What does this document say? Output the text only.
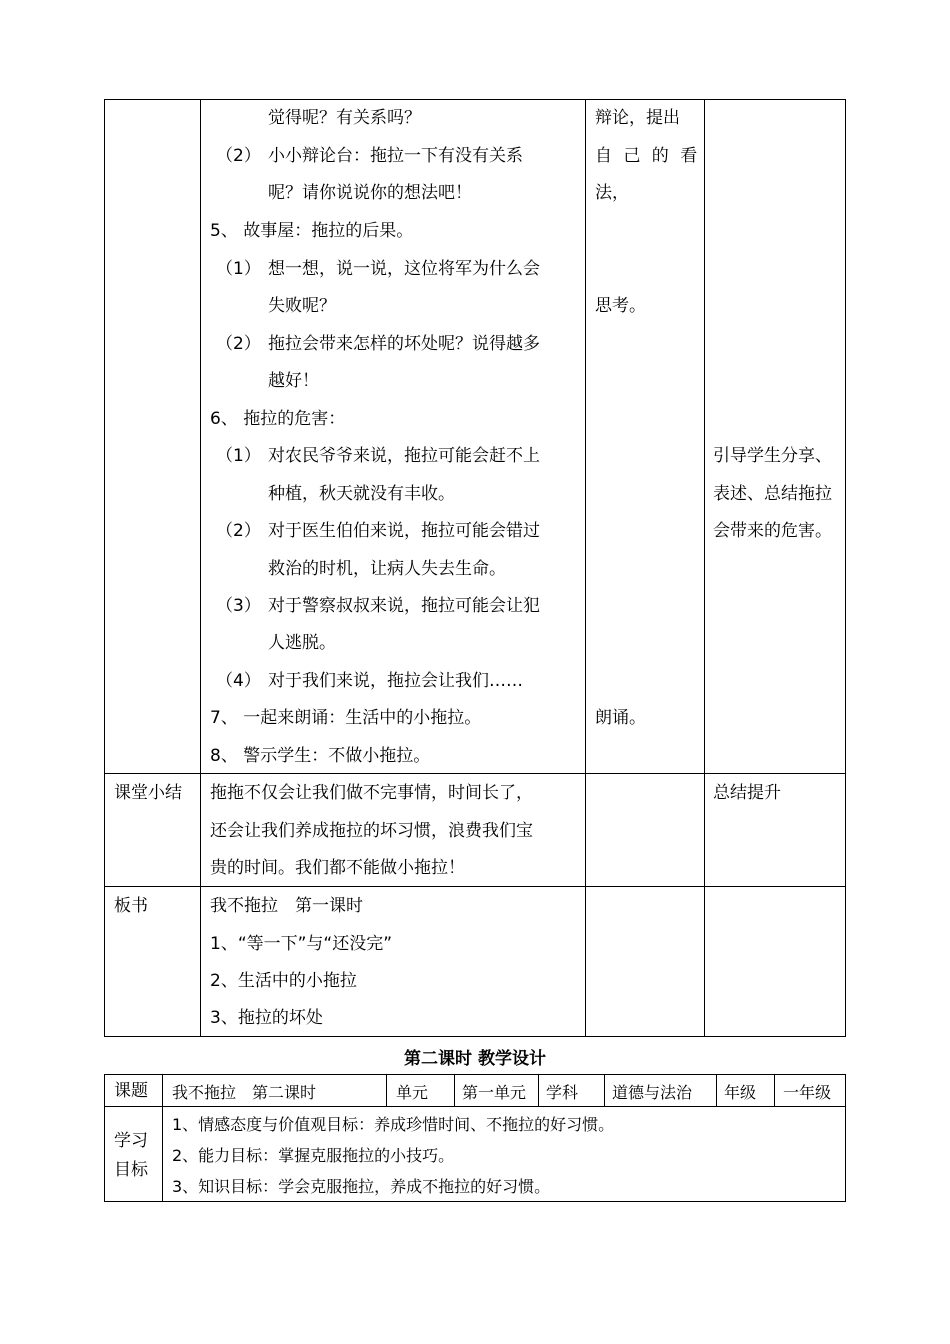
觉得呢？有关系吗？
（2） 小小辩论台：拖拉一下有没有关系
呢？请你说说你的想法吧！
5、 故事屋：拖拉的后果。
（1） 想一想，说一说，这位将军为什么会
失败呢？
（2） 拖拉会带来怎样的坏处呢？说得越多
越好！
6、 拖拉的危害：
（1） 对农民爷爷来说，拖拉可能会赶不上
种植，秋天就没有丰收。
（2） 对于医生伯伯来说，拖拉可能会错过
救治的时机，让病人失去生命。
（3） 对于警察叔叔来说，拖拉可能会让犯
人逃脱。
（4） 对于我们来说，拖拉会让我们……
7、 一起来朗诵：生活中的小拖拉。
8、 警示学生：不做小拖拉。
辩论，提出
自 己 的 看
法，
思考。
朗诵。
引导学生分享、
表述、总结拖拉
会带来的危害。
课堂小结 拖拖不仅会让我们做不完事情，时间长了，
还会让我们养成拖拉的坏习惯，浪费我们宝
贵的时间。我们都不能做小拖拉！
总结提升
板书	我不拖拉　第一课时
1、“等一下”与“还没完”
2、生活中的小拖拉
3、拖拉的坏处
第二课时 教学设计
课题 我不拖拉　第二课时	单元 第一单元 学科 道德与法治 年级 一年级
学习
目标
1、情感态度与价值观目标：养成珍惜时间、不拖拉的好习惯。
2、能力目标：掌握克服拖拉的小技巧。
3、知识目标：学会克服拖拉，养成不拖拉的好习惯。
